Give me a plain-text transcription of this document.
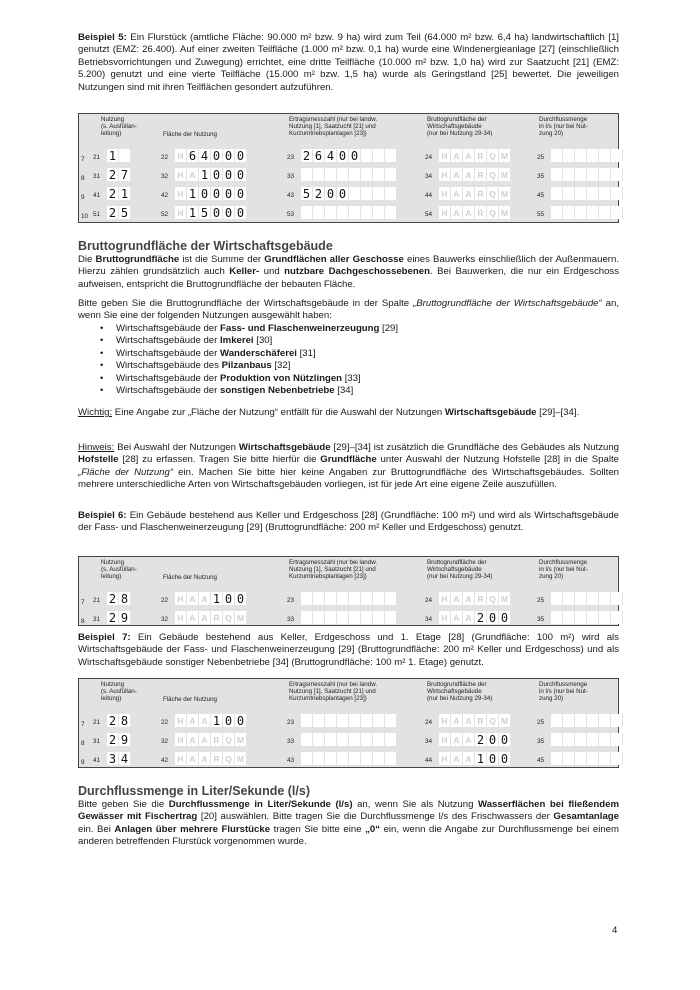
Beispiel 5: Ein Flurstück (amtliche Fläche: 90.000 m² bzw. 9 ha) wird zum Teil (64.000 m² bzw. 6,4 ha) landwirtschaftlich [1] genutzt (EMZ: 26.400). Auf einer zweiten Teilfläche (1.000 m² bzw. 0,1 ha) wurde eine Windenergieanlage [27] (einschließlich Betriebsvorrichtungen und Zuwegung) errichtet, eine dritte Teilfläche (10.000 m² bzw. 1,0 ha) wird zur Saatzucht [21] (EMZ: 5.200) genutzt und eine vierte Teilfläche (15.000 m² bzw. 1,5 ha) wurde als Geringstland [25] bewertet. Die jeweiligen Nutzungen sind mit ihren Teilflächen gesondert aufzuführen.
Nutzung
(s. Ausfüllan-
leitung)	Fläche der Nutzung
Ertragsmesszahl (nur bei landw.
Nutzung [1], Saatzucht [21] und
Kurzumtriebsplantagen [23])
Bruttogrundfläche der
Wirtschaftsgebäude
(nur bei Nutzung 29-34)
Durchflussmenge
in l/s (nur bei Nut-
zung 20)
7 21 1	22 H 6 4 0 0 0	23 2 6 4 0 0	24 H A A R Q M	25
8 31 2 7	32 H A 1 0 0 0	33	34 H A A R Q M	35
9 41 2 1	42 H 1 0 0 0 0	43 5 2 0 0	44 H A A R Q M	45
10 51 2 5	52 H 1 5 0 0 0	53	54 H A A R Q M	55
Bruttogrundfläche der Wirtschaftsgebäude
Die Bruttogrundfläche ist die Summe der Grundflächen aller Geschosse eines Bauwerks einschließlich der Außenmauern. Hierzu zählen grundsätzlich auch Keller- und nutzbare Dachgeschossebenen. Bei Bauwerken, die nur ein Erdgeschoss aufweisen, entspricht die Bruttogrundfläche der bebauten Fläche.
Bitte geben Sie die Bruttogrundfläche der Wirtschaftsgebäude in der Spalte „Bruttogrundfläche der Wirtschaftsgebäude“ an, wenn Sie eine der folgenden Nutzungen ausgewählt haben:
• Wirtschaftsgebäude der Fass- und Flaschenweinerzeugung [29]
• Wirtschaftsgebäude der Imkerei [30]
• Wirtschaftsgebäude der Wanderschäferei [31]
• Wirtschaftsgebäude des Pilzanbaus [32]
• Wirtschaftsgebäude der Produktion von Nützlingen [33]
• Wirtschaftsgebäude der sonstigen Nebenbetriebe [34]
Wichtig: Eine Angabe zur „Fläche der Nutzung“ entfällt für die Auswahl der Nutzungen Wirtschaftsgebäude [29]–[34].
Hinweis: Bei Auswahl der Nutzungen Wirtschaftsgebäude [29]–[34] ist zusätzlich die Grundfläche des Gebäudes als Nutzung Hofstelle [28] zu erfassen. Tragen Sie bitte hierfür die Grundfläche unter Auswahl der Nutzung Hofstelle [28] in die Spalte „Fläche der Nutzung“ ein. Machen Sie bitte hier keine Angaben zur Bruttogrundfläche des Wirtschaftsgebäudes. Sollten mehrere unterschiedliche Arten von Wirtschaftsgebäuden vorliegen, ist für jede Art eine eigene Zeile auszufüllen.
Beispiel 6: Ein Gebäude bestehend aus Keller und Erdgeschoss [28] (Grundfläche: 100 m²) und wird als Wirtschaftsgebäude der Fass- und Flaschenweinerzeugung [29] (Bruttogrundfläche: 200 m² Keller und Erdgeschoss) genutzt.
Nutzung
(s. Ausfüllan-
leitung)	Fläche der Nutzung
Ertragsmesszahl (nur bei landw.
Nutzung [1], Saatzucht [21] und
Kurzumtriebsplantagen [23])
Bruttogrundfläche der
Wirtschaftsgebäude
(nur bei Nutzung 29-34)
Durchflussmenge
in l/s (nur bei Nut-
zung 20)
7 21 2 8	22 H A A 1 0 0	23	24 H A A R Q M	25
8 31 2 9	32 H A A R Q M	33	34 H A A 2 0 0	35
Beispiel 7: Ein Gebäude bestehend aus Keller, Erdgeschoss und 1. Etage [28] (Grundfläche: 100 m²) wird als Wirtschaftsgebäude der Fass- und Flaschenweinerzeugung [29] (Bruttogrundfläche: 200 m² Keller und Erdgeschoss) und als Wirtschaftsgebäude sonstiger Nebenbetriebe [34] (Bruttogrundfläche: 100 m² 1. Etage) genutzt.
Nutzung
(s. Ausfüllan-
leitung)	Fläche der Nutzung
Ertragsmesszahl (nur bei landw.
Nutzung [1], Saatzucht [21] und
Kurzumtriebsplantagen [23])
Bruttogrundfläche der
Wirtschaftsgebäude
(nur bei Nutzung 29-34)
Durchflussmenge
in l/s (nur bei Nut-
zung 20)
7 21 2 8	22 H A A 1 0 0	23	24 H A A R Q M	25
8 31 2 9	32 H A A R Q M	33	34 H A A 2 0 0	35
9 41 3 4	42 H A A R Q M	43	44 H A A 1 0 0	45
Durchflussmenge in Liter/Sekunde (l/s)
Bitte geben Sie die Durchflussmenge in Liter/Sekunde (l/s) an, wenn Sie als Nutzung Wasserflächen bei fließendem Gewässer mit Fischertrag [20] auswählen. Bitte tragen Sie die Durchflussmenge l/s des Frischwassers der Gesamtanlage ein. Bei Anlagen über mehrere Flurstücke tragen Sie bitte eine „0“ ein, wenn die Angabe zur Durchflussmenge bei einem anderen betreffenden Flurstück vorgenommen wurde.
4
